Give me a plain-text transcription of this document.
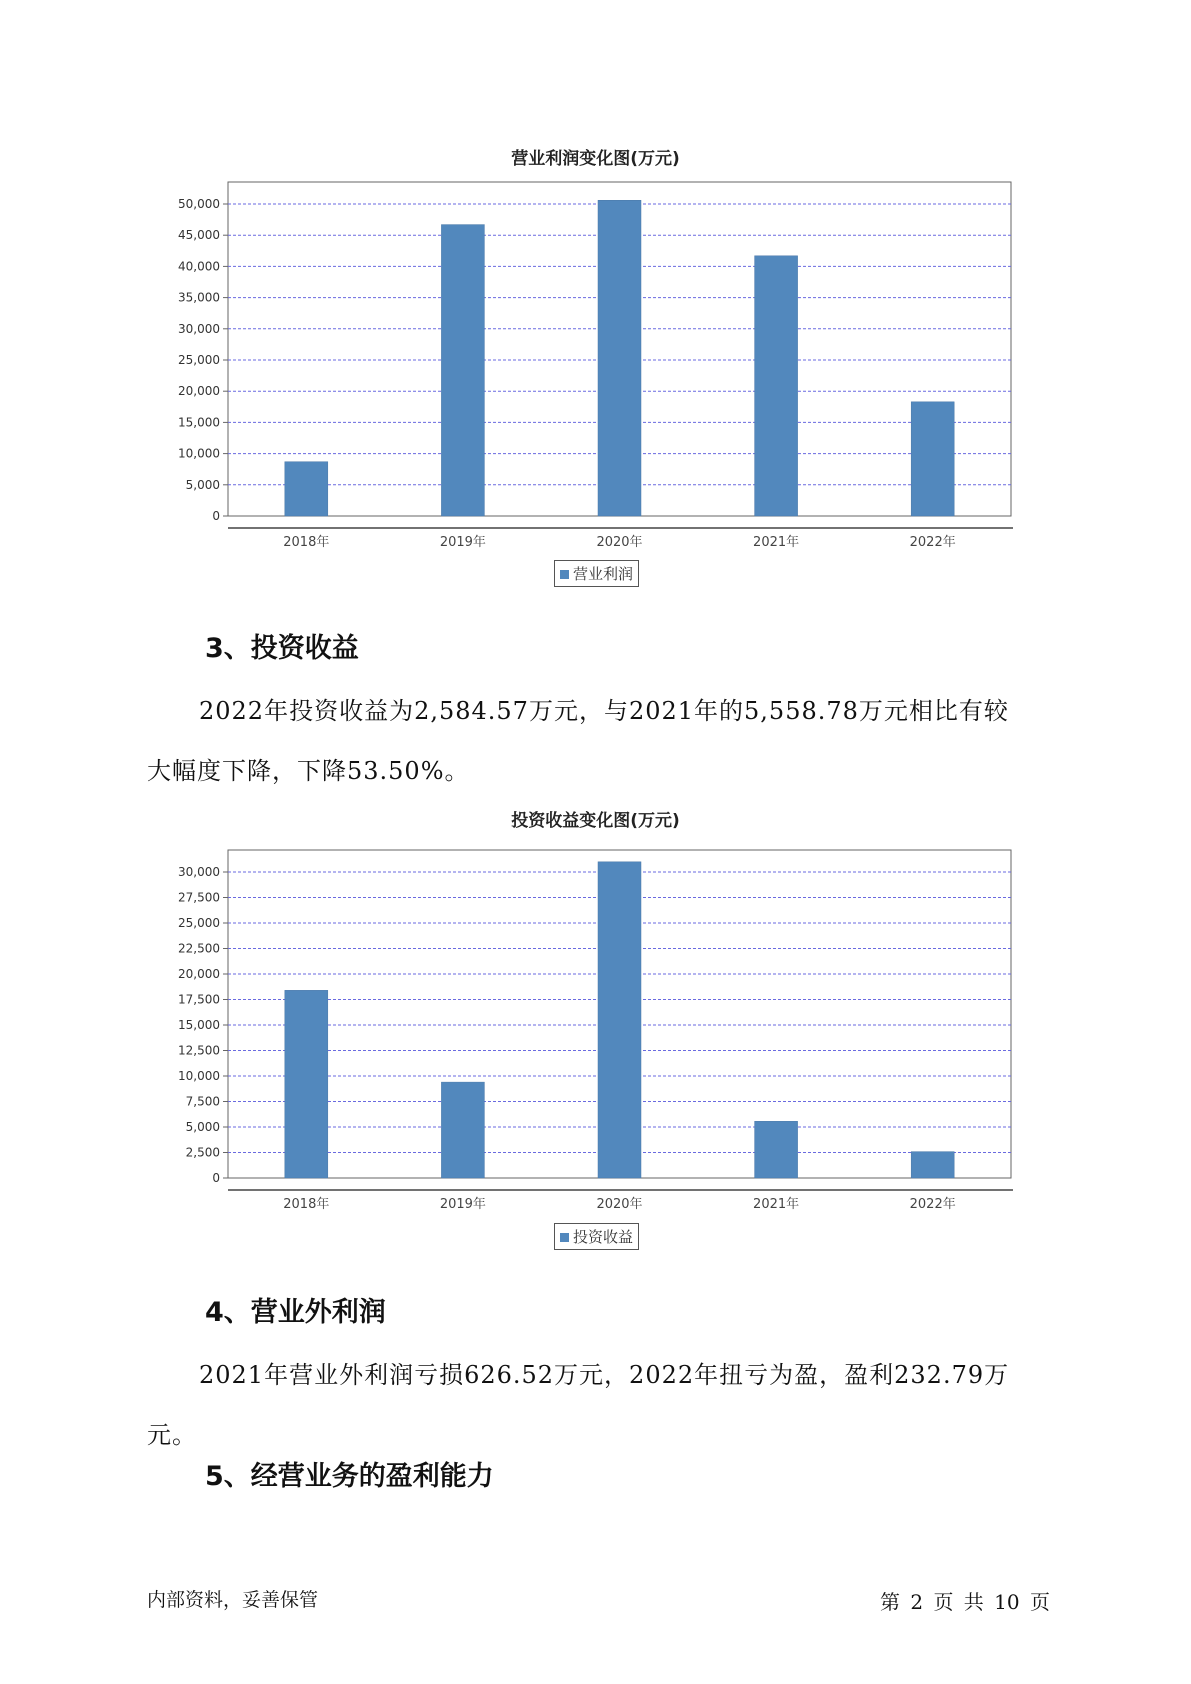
营业利润变化图(万元)
50,000
45,000
40,000
35,000
30,000
25,000
20,000
15,000
10,000
5,000
0
2018年	2019年	2020年	2021年	2022年
营业利润
3、投资收益
2022年投资收益为2,584.57万元，与2021年的5,558.78万元相比有较
大幅度下降，下降53.50%。
投资收益变化图(万元)
30,000
27,500
25,000
22,500
20,000
17,500
15,000
12,500
10,000
7,500
5,000
2,500
0
2018年	2019年	2020年	2021年	2022年
投资收益
4、营业外利润
2021年营业外利润亏损626.52万元，2022年扭亏为盈，盈利232.79万
元。
5、经营业务的盈利能力
内部资料，妥善保管	第 2 页 共 10 页
